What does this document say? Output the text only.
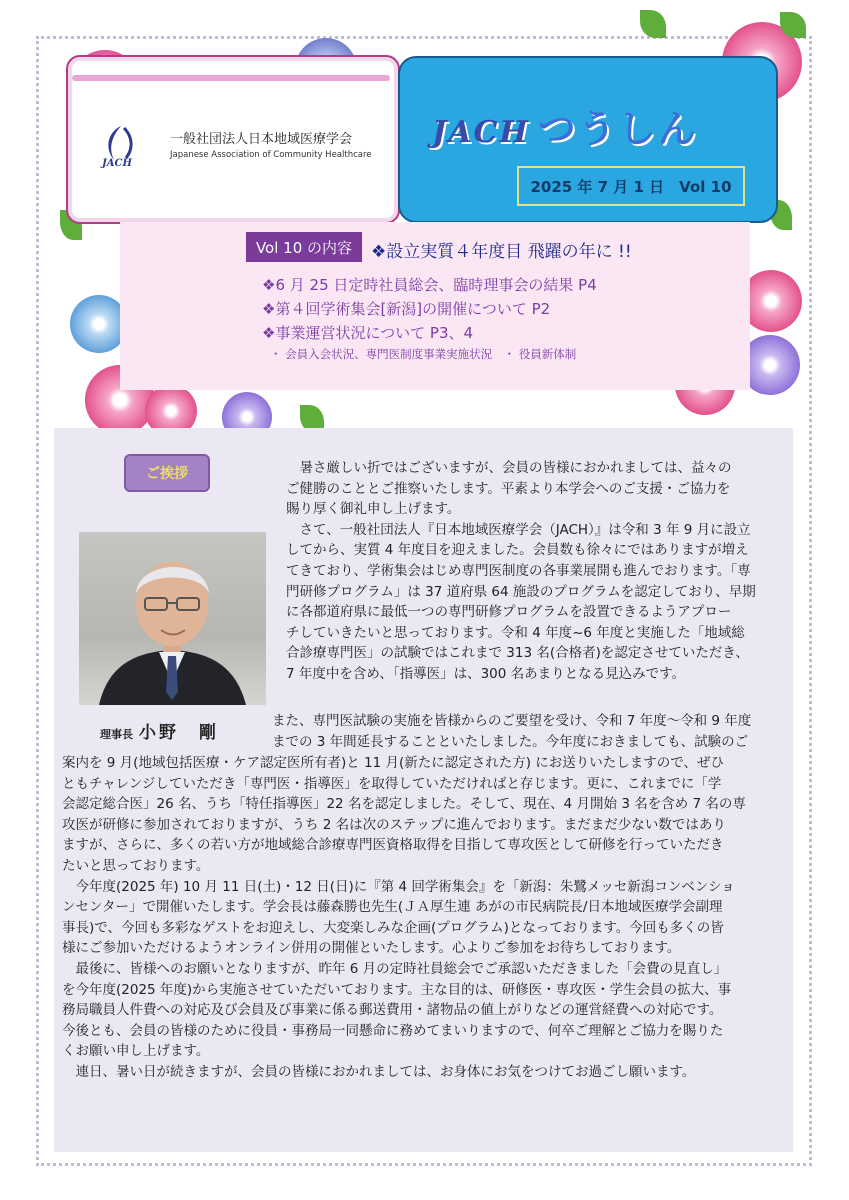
JACH
一般社団法人日本地域医療学会
Japanese Association of Community Healthcare
JACH つうしん
2025 年 7 月 1 日　Vol 10
Vol 10 の内容	❖設立実質４年度目 飛躍の年に !!
❖6 月 25 日定時社員総会、臨時理事会の結果 P4
❖第４回学術集会[新潟]の開催について P2
❖事業運営状況について P3、4
・ 会員入会状況、専門医制度事業実施状況　・ 役員新体制
ご挨拶
理事長 小野　剛
　暑さ厳しい折ではございますが、会員の皆様におかれましては、益々の
ご健勝のこととご推察いたします。平素より本学会へのご支援・ご協力を
賜り厚く御礼申し上げます。
　さて、一般社団法人『日本地域医療学会（JACH）』は令和 3 年 9 月に設立
してから、実質 4 年度目を迎えました。会員数も徐々にではありますが増え
てきており、学術集会はじめ専門医制度の各事業展開も進んでおります。「専
門研修プログラム」は 37 道府県 64 施設のプログラムを認定しており、早期
に各都道府県に最低一つの専門研修プログラムを設置できるようアプロー
チしていきたいと思っております。令和 4 年度~6 年度と実施した「地域総
合診療専門医」の試験ではこれまで 313 名(合格者)を認定させていただき、
7 年度中を含め、「指導医」は、300 名あまりとなる見込みです。
また、専門医試験の実施を皆様からのご要望を受け、令和 7 年度～令和 9 年度
までの 3 年間延長することといたしました。今年度におきましても、試験のご
案内を 9 月(地域包括医療・ケア認定医所有者)と 11 月(新たに認定された方) にお送りいたしますので、ぜひ
ともチャレンジしていただき「専門医・指導医」を取得していただければと存じます。更に、これまでに「学
会認定総合医」26 名、うち「特任指導医」22 名を認定しました。そして、現在、4 月開始 3 名を含め 7 名の専
攻医が研修に参加されておりますが、うち 2 名は次のステップに進んでおります。まだまだ少ない数ではあり
ますが、さらに、多くの若い方が地域総合診療専門医資格取得を目指して専攻医として研修を行っていただき
たいと思っております。
　今年度(2025 年) 10 月 11 日(土)・12 日(日)に『第 4 回学術集会』を「新潟：朱鷺メッセ新潟コンベンショ
ンセンター」で開催いたします。学会長は藤森勝也先生(ＪＡ厚生連 あがの市民病院長/日本地域医療学会副理
事長)で、今回も多彩なゲストをお迎えし、大変楽しみな企画(プログラム)となっております。今回も多くの皆
様にご参加いただけるようオンライン併用の開催といたします。心よりご参加をお待ちしております。
　最後に、皆様へのお願いとなりますが、昨年 6 月の定時社員総会でご承認いただきました「会費の見直し」
を今年度(2025 年度)から実施させていただいております。主な目的は、研修医・専攻医・学生会員の拡大、事
務局職員人件費への対応及び会員及び事業に係る郵送費用・諸物品の値上がりなどの運営経費への対応です。
今後とも、会員の皆様のために役員・事務局一同懸命に務めてまいりますので、何卒ご理解とご協力を賜りた
くお願い申し上げます。
　連日、暑い日が続きますが、会員の皆様におかれましては、お身体にお気をつけてお過ごし願います。
